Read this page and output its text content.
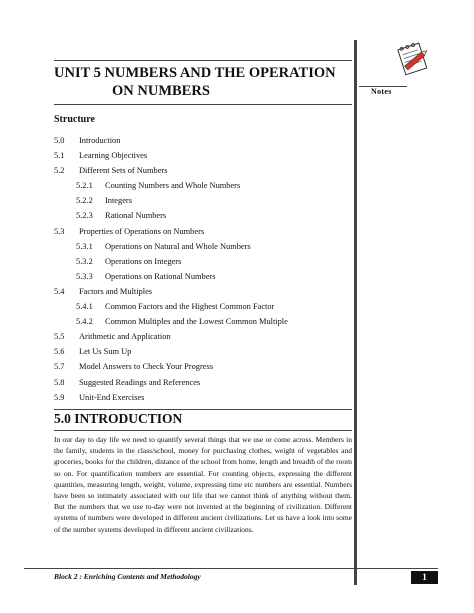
Notes
UNIT 5 NUMBERS AND THE OPERATION
ON NUMBERS
Structure
5.0 Introduction
5.1 Learning Objectives
5.2 Different Sets of Numbers
5.2.1 Counting Numbers and Whole Numbers
5.2.2 Integers
5.2.3 Rational Numbers
5.3 Properties of Operations on Numbers
5.3.1 Operations on Natural and Whole Numbers
5.3.2 Operations on Integers
5.3.3 Operations on Rational Numbers
5.4 Factors and Multiples
5.4.1 Common Factors and the Highest Common Factor
5.4.2 Common Multiples and the Lowest Common Multiple
5.5 Arithmetic and Application
5.6 Let Us Sum Up
5.7 Model Answers to Check Your Progress
5.8 Suggested Readings and References
5.9 Unit-End Exercises
5.0 INTRODUCTION
In our day to day life we need to quantify several things that we use or come across. Members in the family, students in the class/school, money for purchasing clothes, weight of vegetables and groceries, books for the children, distance of the school from home, length and breadth of the room so on. For quantification numbers are essential. For counting objects, expressing the different quantities, measuring length, weight, volume, expressing time etc numbers are essential. Numbers have been so intimately associated with our life that we cannot think of anything without them. But the numbers that we use to-day were not invented at the beginning of civilization. Different systems of numbers were developed in different ancient civilizations. Let us have a look into some of the number systems developed in different ancient civilizations.
Block 2 : Enriching Contents and Methodology	1
